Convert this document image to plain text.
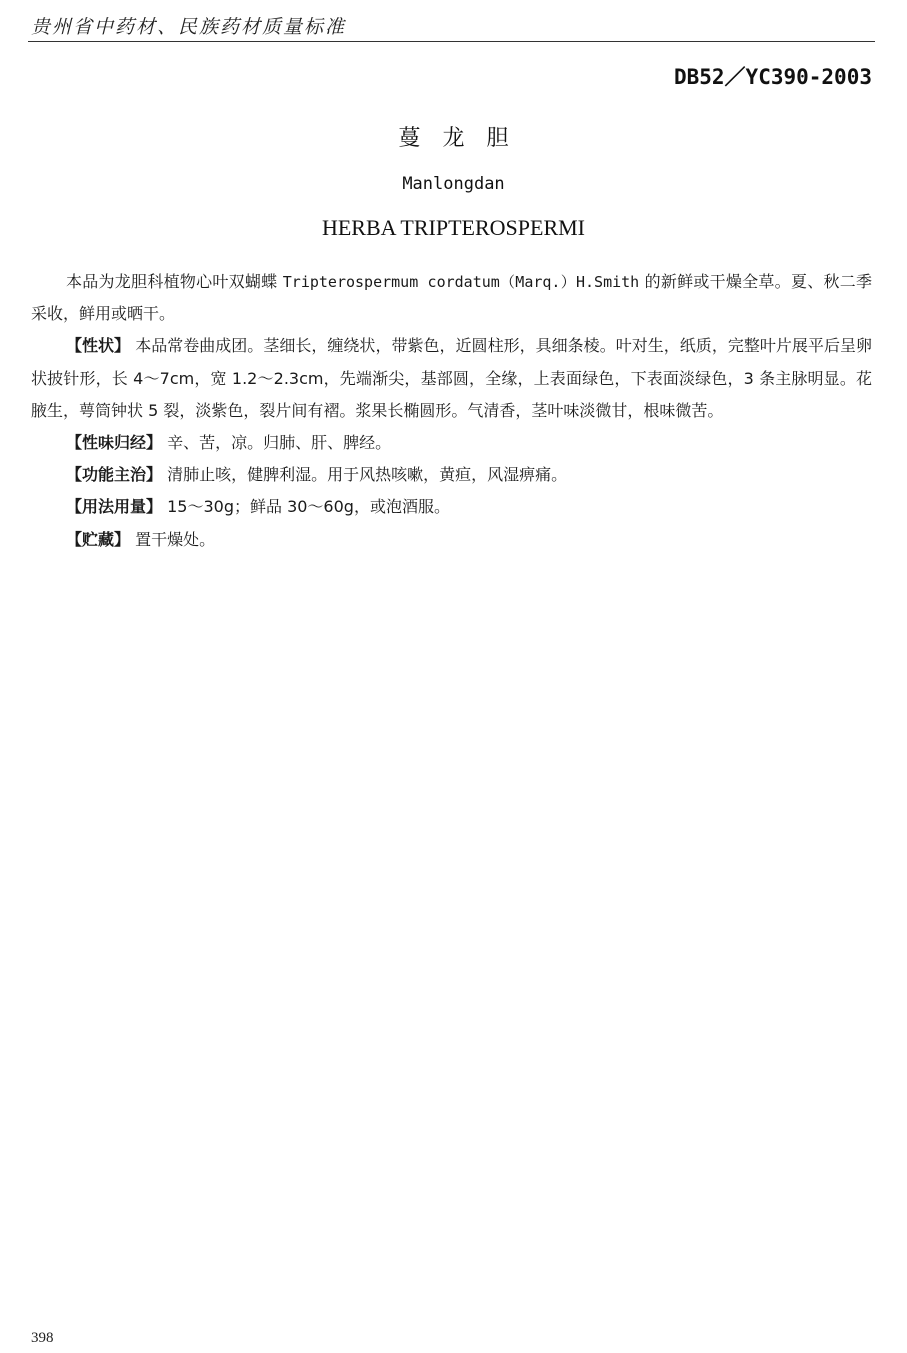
贵州省中药材、民族药材质量标准
DB52／YC390-2003
蔓龙胆
Manlongdan
HERBA TRIPTEROSPERMI

本品为龙胆科植物心叶双蝴蝶 Tripterospermum cordatum（Marq.）H.Smith 的新鲜或干燥全草。夏、秋二季采收，鲜用或晒干。

【性状】 本品常卷曲成团。茎细长，缠绕状，带紫色，近圆柱形，具细条棱。叶对生，纸质，完整叶片展平后呈卵状披针形，长 4～7cm，宽 1.2～2.3cm，先端渐尖，基部圆，全缘，上表面绿色，下表面淡绿色，3 条主脉明显。花腋生，萼筒钟状 5 裂，淡紫色，裂片间有褶。浆果长椭圆形。气清香，茎叶味淡微甘，根味微苦。

【性味归经】 辛、苦，凉。归肺、肝、脾经。

【功能主治】 清肺止咳，健脾利湿。用于风热咳嗽，黄疸，风湿痹痛。

【用法用量】 15～30g；鲜品 30～60g，或泡酒服。

【贮藏】 置干燥处。

398
